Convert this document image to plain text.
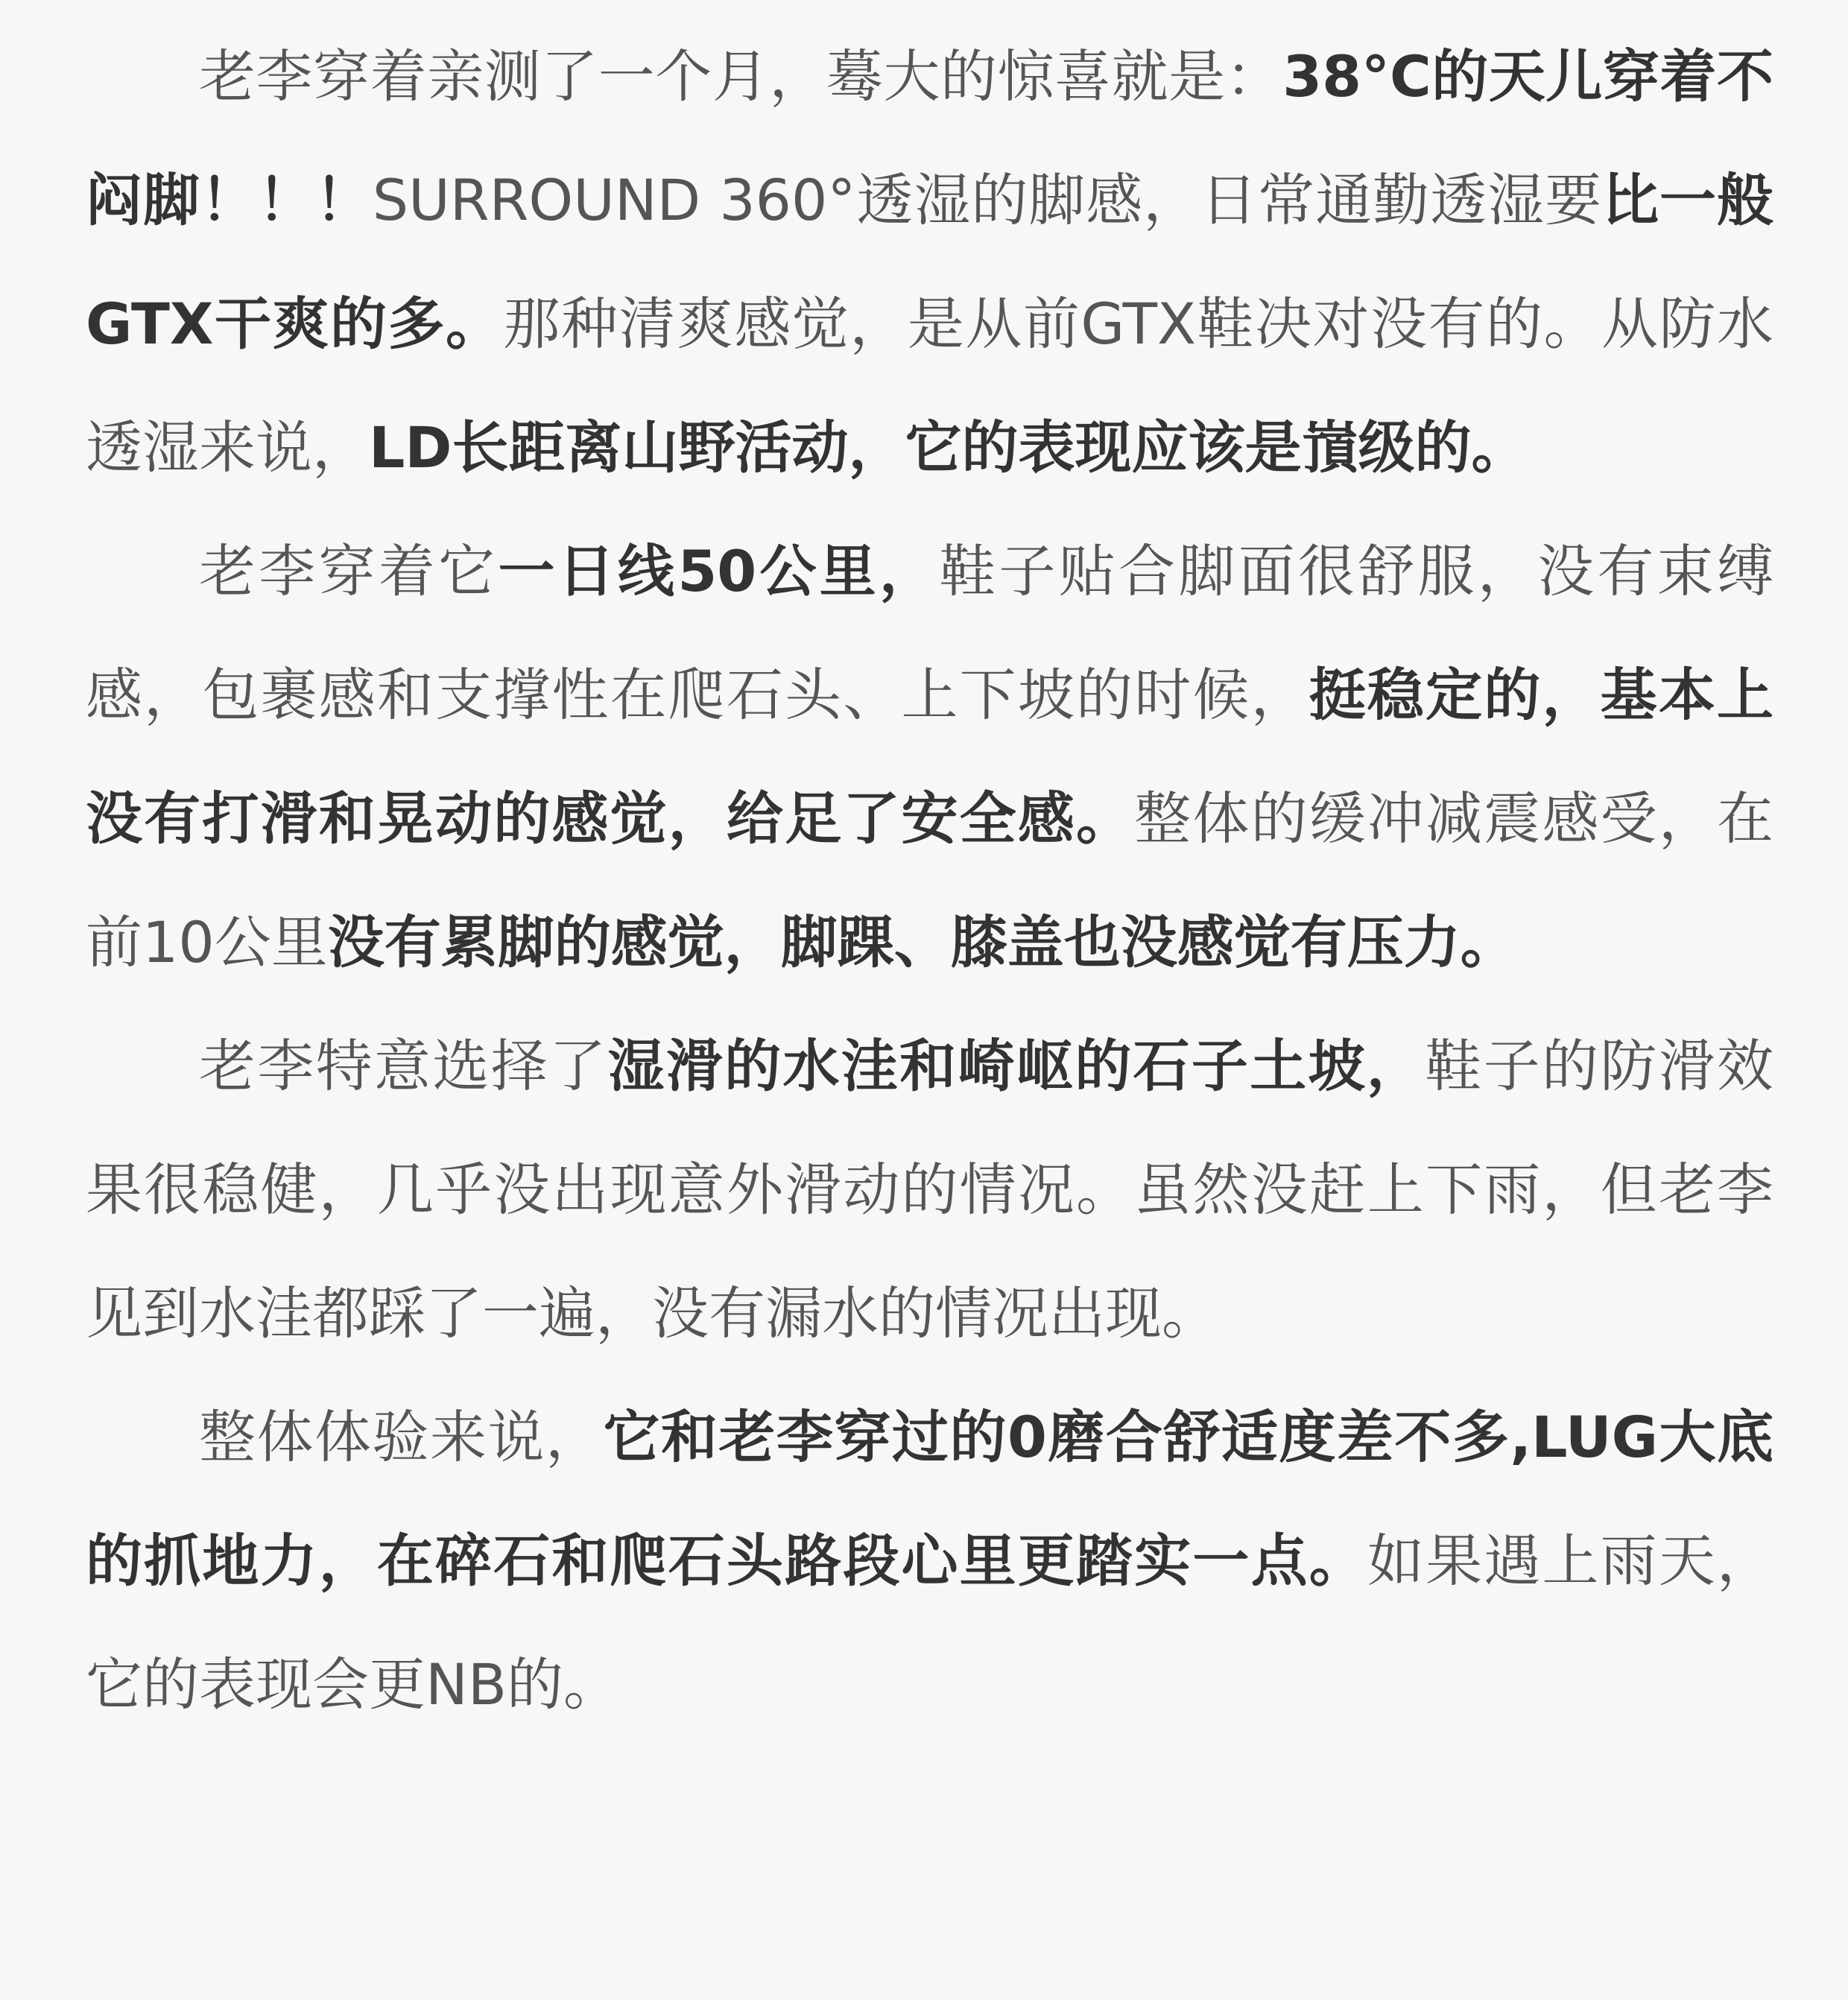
老李穿着亲测了一个月，蓦大的惊喜就是：38°C的天儿穿着不闷脚！！！SURROUND 360°透湿的脚感，日常通勤透湿要比一般GTX干爽的多。那种清爽感觉，是从前GTX鞋决对没有的。从防水透湿来说，LD长距离山野活动，它的表现应该是嵿级的。

老李穿着它一日线50公里，鞋子贴合脚面很舒服，没有束缚感，包裹感和支撑性在爬石头、上下坡的时候，挺稳定的，基本上没有打滑和晃动的感觉，给足了安全感。整体的缓冲减震感受，在前10公里没有累脚的感觉，脚踝、膝盖也没感觉有压力。

老李特意选择了湿滑的水洼和崎岖的石子土坡，鞋子的防滑效果很稳健，几乎没出现意外滑动的情况。虽然没赶上下雨，但老李见到水洼都踩了一遍，没有漏水的情况出现。

整体体验来说，它和老李穿过的0磨合舒适度差不多,LUG大底的抓地力，在碎石和爬石头路段心里更踏实一点。如果遇上雨天，它的表现会更NB的。
